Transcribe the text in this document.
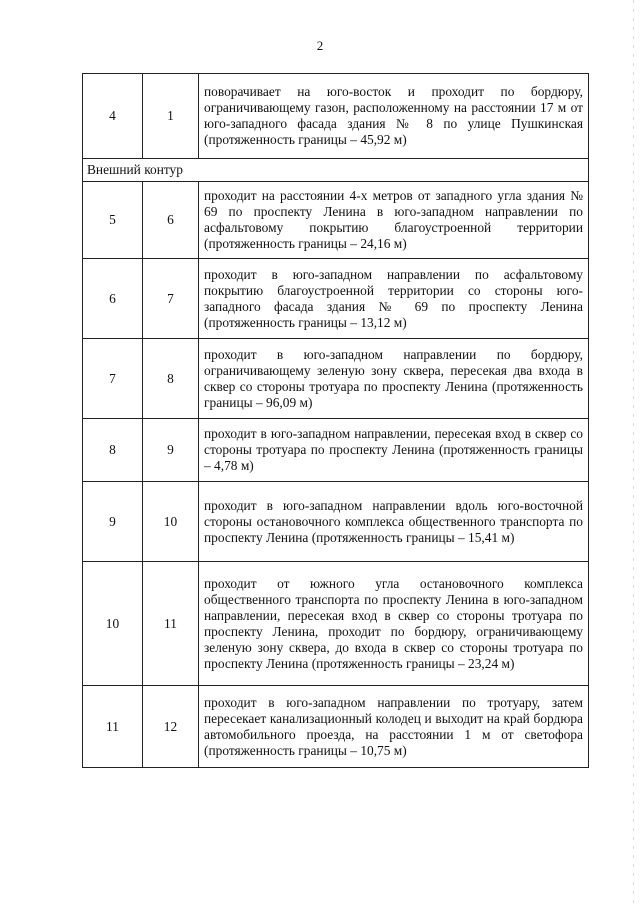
2
4	1	поворачивает на юго-восток и проходит по бордюру, ограничивающему газон, расположенному на расстоянии 17 м от юго-западного фасада здания № 8 по улице Пушкинская (протяженность границы – 45,92 м)
Внешний контур		
5	6	проходит на расстоянии 4-х метров от западного угла здания № 69 по проспекту Ленина в юго-западном направлении по асфальтовому покрытию благоустроенной территории (протяженность границы – 24,16 м)
6	7	проходит в юго-западном направлении по асфальтовому покрытию благоустроенной территории со стороны юго-западного фасада здания № 69 по проспекту Ленина (протяженность границы – 13,12 м)
7	8	проходит в юго-западном направлении по бордюру, ограничивающему зеленую зону сквера, пересекая два входа в сквер со стороны тротуара по проспекту Ленина (протяженность границы – 96,09 м)
8	9	проходит в юго-западном направлении, пересекая вход в сквер со стороны тротуара по проспекту Ленина (протяженность границы – 4,78 м)
9	10	проходит в юго-западном направлении вдоль юго-восточной стороны остановочного комплекса общественного транспорта по проспекту Ленина (протяженность границы – 15,41 м)
10	11	проходит от южного угла остановочного комплекса общественного транспорта по проспекту Ленина в юго-западном направлении, пересекая вход в сквер со стороны тротуара по проспекту Ленина, проходит по бордюру, ограничивающему зеленую зону сквера, до входа в сквер со стороны тротуара по проспекту Ленина (протяженность границы – 23,24 м)
11	12	проходит в юго-западном направлении по тротуару, затем пересекает канализационный колодец и выходит на край бордюра автомобильного проезда, на расстоянии 1 м от светофора (протяженность границы – 10,75 м)
